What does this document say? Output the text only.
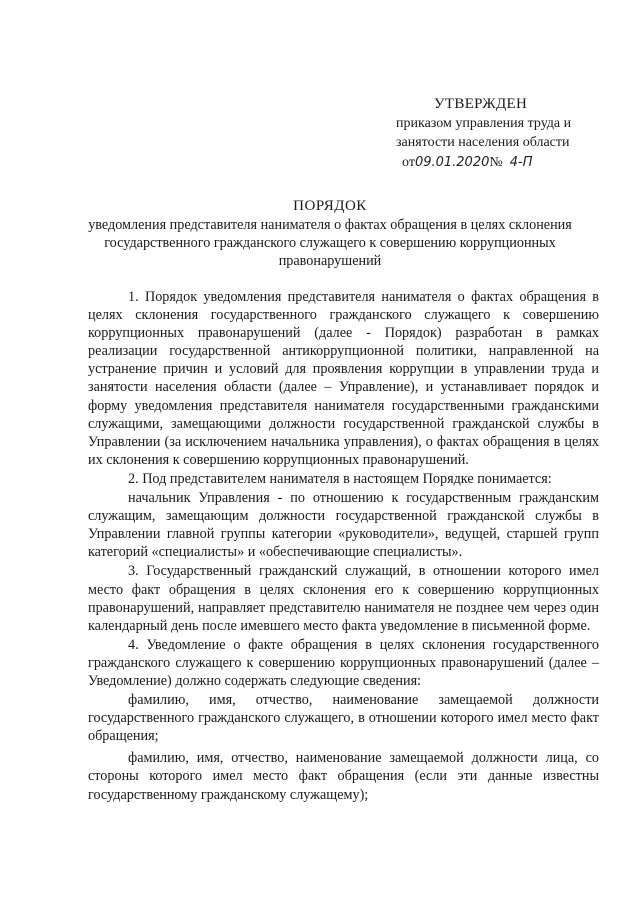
УТВЕРЖДЕН
приказом управления труда и
занятости населения области
от09.01.2020№ 4-П
ПОРЯДОК
уведомления представителя нанимателя о фактах обращения в целях склонения государственного гражданского служащего к совершению коррупционных правонарушений

1. Порядок уведомления представителя нанимателя о фактах обращения в целях склонения государственного гражданского служащего к совершению коррупционных правонарушений (далее - Порядок) разработан в рамках реализации государственной антикоррупционной политики, направленной на устранение причин и условий для проявления коррупции в управлении труда и занятости населения области (далее – Управление), и устанавливает порядок и форму уведомления представителя нанимателя государственными гражданскими служащими, замещающими должности государственной гражданской службы в Управлении (за исключением начальника управления), о фактах обращения в целях их склонения к совершению коррупционных правонарушений.

2. Под представителем нанимателя в настоящем Порядке понимается:

начальник Управления - по отношению к государственным гражданским служащим, замещающим должности государственной гражданской службы в Управлении главной группы категории «руководители», ведущей, старшей групп категорий «специалисты» и «обеспечивающие специалисты».

3. Государственный гражданский служащий, в отношении которого имел место факт обращения в целях склонения его к совершению коррупционных правонарушений, направляет представителю нанимателя не позднее чем через один календарный день после имевшего место факта уведомление в письменной форме.

4. Уведомление о факте обращения в целях склонения государственного гражданского служащего к совершению коррупционных правонарушений (далее – Уведомление) должно содержать следующие сведения:

фамилию, имя, отчество, наименование замещаемой должности государственного гражданского служащего, в отношении которого имел место факт обращения;

фамилию, имя, отчество, наименование замещаемой должности лица, со стороны которого имел место факт обращения (если эти данные известны государственному гражданскому служащему);
